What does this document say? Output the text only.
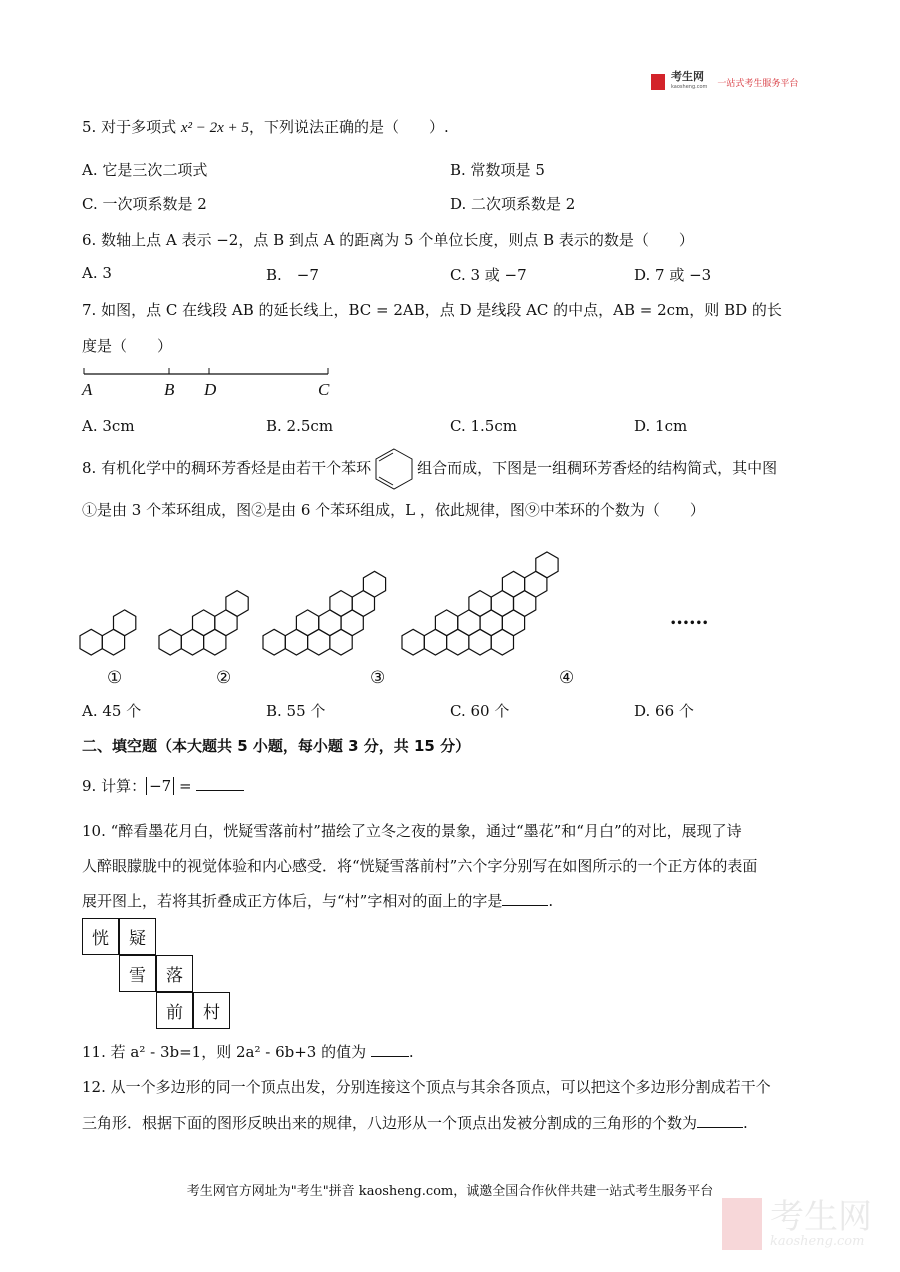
考生网
kaosheng.com 一站式考生服务平台
5. 对于多项式 x² − 2x + 5，下列说法正确的是（　　）.
A. 它是三次二项式	B. 常数项是 5
C. 一次项系数是 2	D. 二次项系数是 2
6. 数轴上点 A 表示 −2，点 B 到点 A 的距离为 5 个单位长度，则点 B 表示的数是（　　）
A. 3	B.　−7	C. 3 或 −7	D. 7 或 −3
7. 如图，点 C 在线段 AB 的延长线上，BC = 2AB，点 D 是线段 AC 的中点，AB = 2cm，则 BD 的长
度是（　　）
A	B D	C
A. 3cm	B. 2.5cm	C. 1.5cm	D. 1cm
8. 有机化学中的稠环芳香烃是由若干个苯环	组合而成，下图是一组稠环芳香烃的结构简式，其中图
①是由 3 个苯环组成，图②是由 6 个苯环组成，L ，依此规律，图⑨中苯环的个数为（　　）
①	②	③	④
••••••
A. 45 个	B. 55 个	C. 60 个	D. 66 个
二、填空题（本大题共 5 小题，每小题 3 分，共 15 分）
9. 计算： −7 =
10. “醉看墨花月白，恍疑雪落前村”描绘了立冬之夜的景象，通过“墨花”和“月白”的对比，展现了诗
人醉眼朦胧中的视觉体验和内心感受．将“恍疑雪落前村”六个字分别写在如图所示的一个正方体的表面
展开图上，若将其折叠成正方体后，与“村”字相对的面上的字是	.
恍	疑
雪	落
前	村
11. 若 a² - 3b=1，则 2a² - 6b+3 的值为	.
12. 从一个多边形的同一个顶点出发，分别连接这个顶点与其余各顶点，可以把这个多边形分割成若干个
三角形．根据下面的图形反映出来的规律，八边形从一个顶点出发被分割成的三角形的个数为	.
考生网官方网址为"考生"拼音 kaosheng.com，诚邀全国合作伙伴共建一站式考生服务平台
考生网
kaosheng.com
